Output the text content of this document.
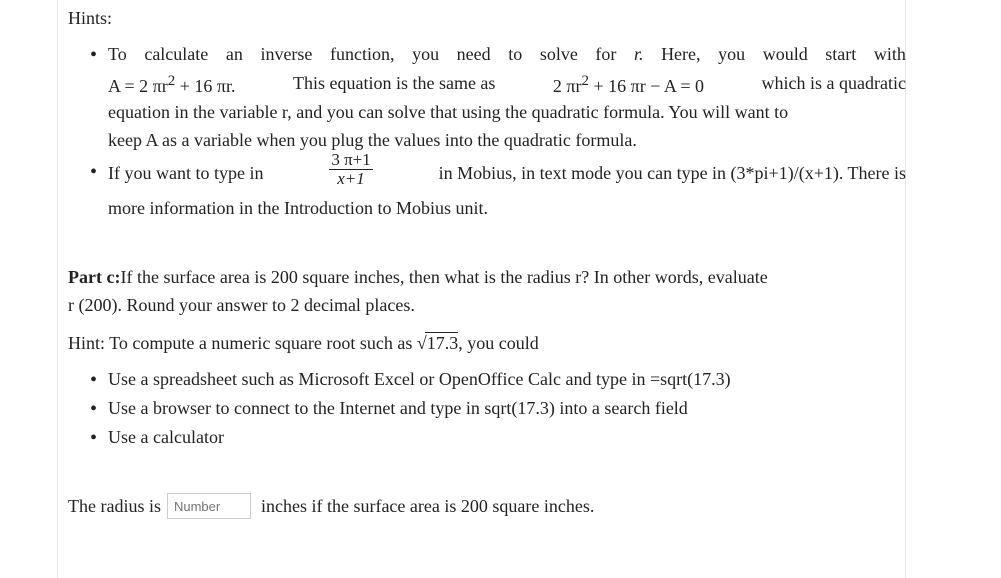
Hints:
• To calculate an inverse function, you need to solve for r. Here, you would start with
A = 2 $\pi r^2 + 16$ πr.	This equation is the same as	2 $\pi r^2 + 16$ πr − A = 0	which is a quadratic
equation in the variable r, and you can solve that using the quadratic formula. You will want to
keep A as a variable when you plug the values into the quadratic formula.
• If you want to type in	$\frac{3 \pi+1}{x+1}$	in Mobius, in text mode you can type in (3*pi+1)/(x+1). There is
more information in the Introduction to Mobius unit.
Part c: If the surface area is 200 square inches, then what is the radius r? In other words, evaluate
r (200). Round your answer to 2 decimal places.
Hint: To compute a numeric square root such as √17.3, you could
• Use a spreadsheet such as Microsoft Excel or OpenOffice Calc and type in =sqrt(17.3)
• Use a browser to connect to the Internet and type in sqrt(17.3) into a search field
• Use a calculator
The radius is
Number	inches if the surface area is 200 square inches.
